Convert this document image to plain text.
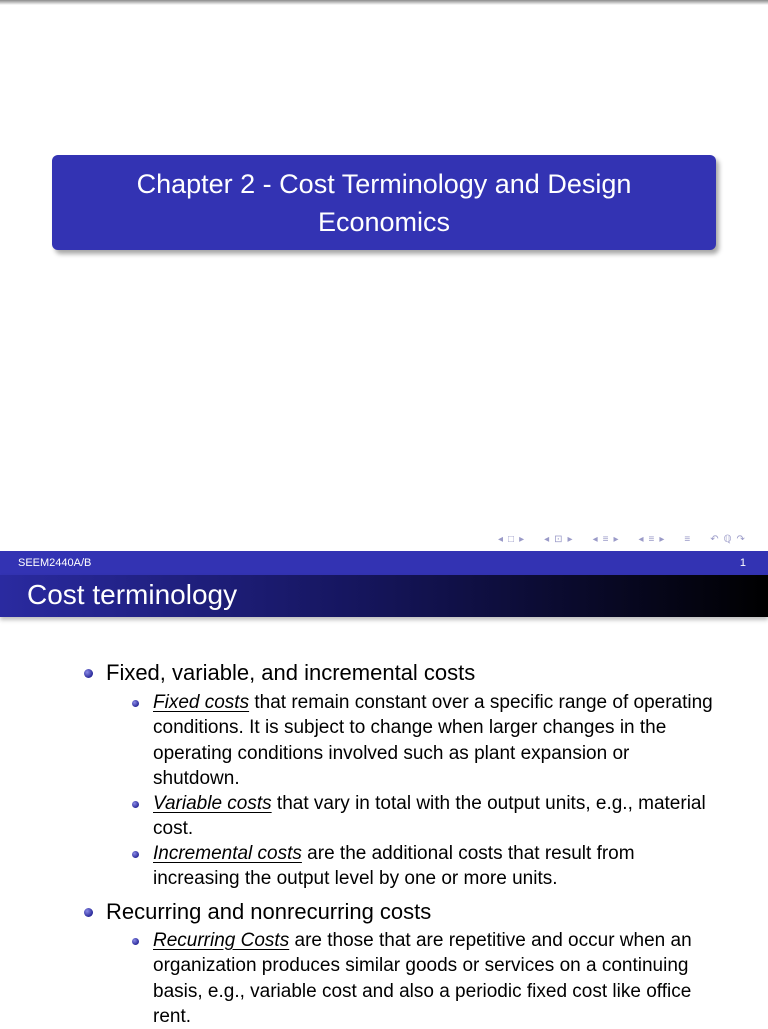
Chapter 2 - Cost Terminology and Design Economics
◂ □ ▸ ◂ ⊡ ▸ ◂ ≡ ▸ ◂ ≡ ▸ ≡ ↶ ℚ ↷
SEEM2440A/B	1
Cost terminology
Fixed, variable, and incremental costs
Fixed costs that remain constant over a specific range of operating conditions. It is subject to change when larger changes in the operating conditions involved such as plant expansion or shutdown.
Variable costs that vary in total with the output units, e.g., material cost.
Incremental costs are the additional costs that result from increasing the output level by one or more units.
Recurring and nonrecurring costs
Recurring Costs are those that are repetitive and occur when an organization produces similar goods or services on a continuing basis, e.g., variable cost and also a periodic fixed cost like office rent.
